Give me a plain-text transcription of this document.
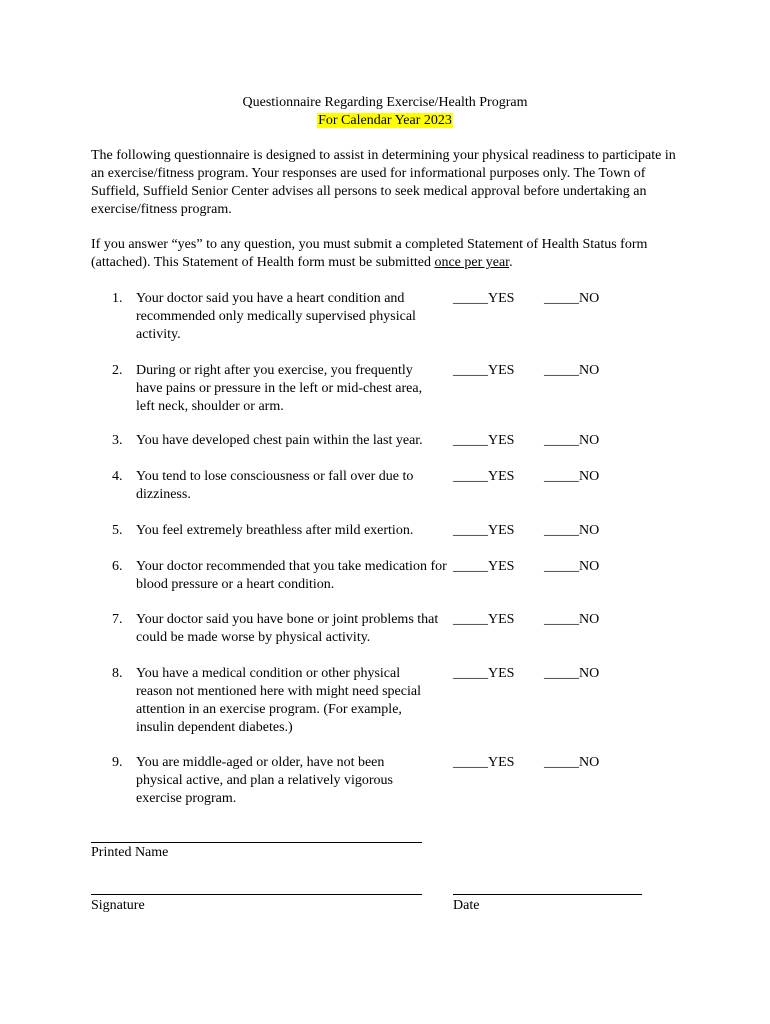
Questionnaire Regarding Exercise/Health Program
For Calendar Year 2023

The following questionnaire is designed to assist in determining your physical readiness to participate in an exercise/fitness program. Your responses are used for informational purposes only. The Town of Suffield, Suffield Senior Center advises all persons to seek medical approval before undertaking an exercise/fitness program.

If you answer “yes” to any question, you must submit a completed Statement of Health Status form (attached). This Statement of Health form must be submitted once per year.

1. Your doctor said you have a heart condition and recommended only medically supervised physical activity.
_____YES _____NO
2. During or right after you exercise, you frequently have pains or pressure in the left or mid-chest area, left neck, shoulder or arm.
_____YES _____NO
3. You have developed chest pain within the last year.	_____YES _____NO
4. You tend to lose consciousness or fall over due to dizziness.
_____YES _____NO
5. You feel extremely breathless after mild exertion.	_____YES _____NO
6. Your doctor recommended that you take medication for blood pressure or a heart condition.
_____YES _____NO
7. Your doctor said you have bone or joint problems that could be made worse by physical activity.
_____YES _____NO
8. You have a medical condition or other physical reason not mentioned here with might need special attention in an exercise program. (For example, insulin dependent diabetes.)
_____YES _____NO
9. You are middle-aged or older, have not been physical active, and plan a relatively vigorous exercise program.
_____YES _____NO
Printed Name
Signature	Date
